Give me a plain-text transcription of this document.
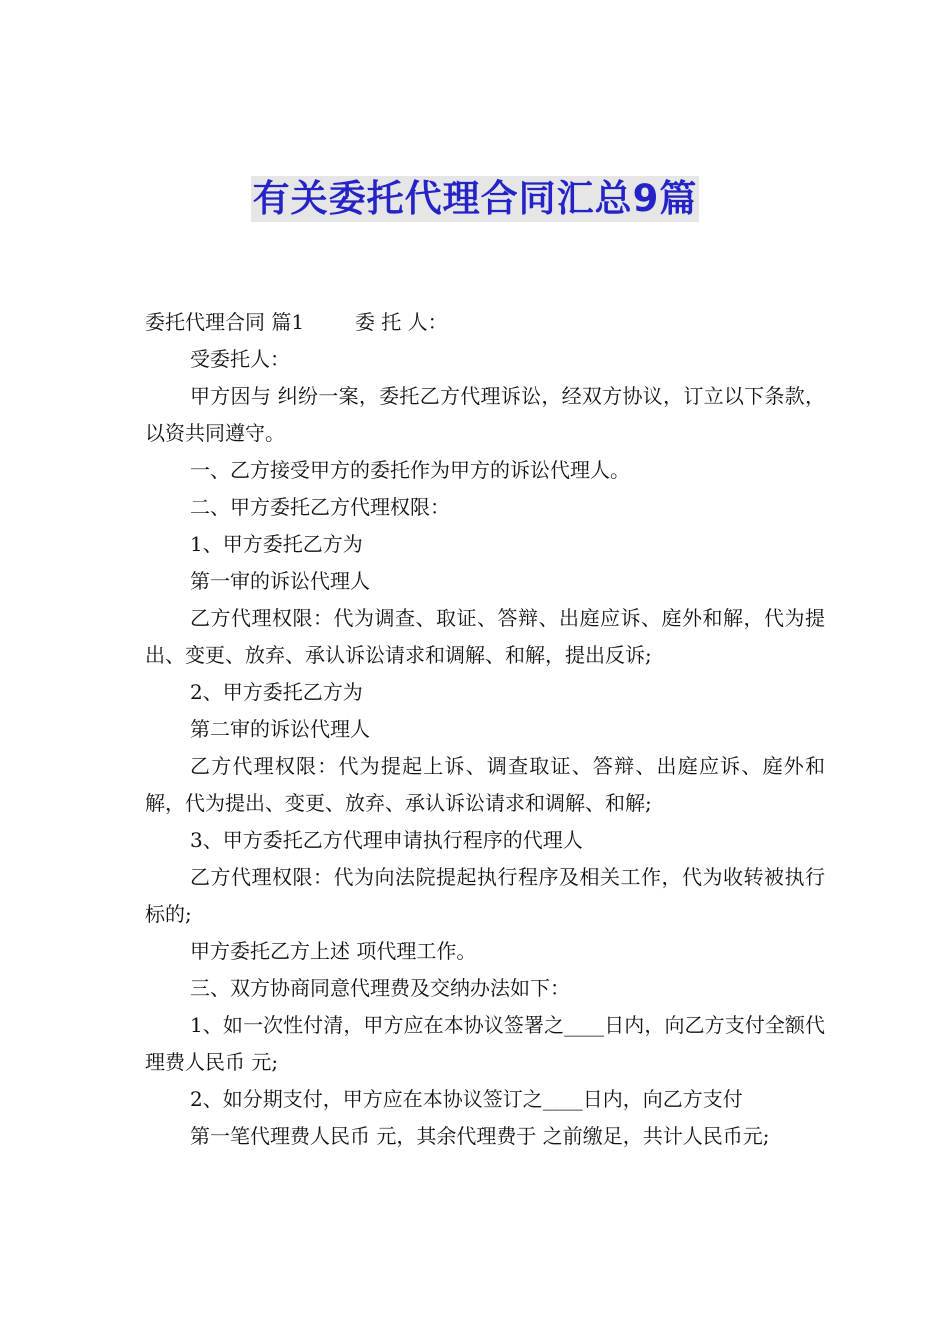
有关委托代理合同汇总9篇

委托代理合同 篇1        委 托 人：

受委托人：

甲方因与 纠纷一案，委托乙方代理诉讼，经双方协议，订立以下条款，以资共同遵守。

一、乙方接受甲方的委托作为甲方的诉讼代理人。

二、甲方委托乙方代理权限：

1、甲方委托乙方为

第一审的诉讼代理人

乙方代理权限：代为调查、取证、答辩、出庭应诉、庭外和解，代为提出、变更、放弃、承认诉讼请求和调解、和解，提出反诉;

2、甲方委托乙方为

第二审的诉讼代理人

乙方代理权限：代为提起上诉、调查取证、答辩、出庭应诉、庭外和解，代为提出、变更、放弃、承认诉讼请求和调解、和解;

3、甲方委托乙方代理申请执行程序的代理人

乙方代理权限：代为向法院提起执行程序及相关工作，代为收转被执行标的;

甲方委托乙方上述 项代理工作。

三、双方协商同意代理费及交纳办法如下：

1、如一次性付清，甲方应在本协议签署之____日内，向乙方支付全额代理费人民币 元;

2、如分期支付，甲方应在本协议签订之____日内，向乙方支付

第一笔代理费人民币 元，其余代理费于 之前缴足，共计人民币元;
